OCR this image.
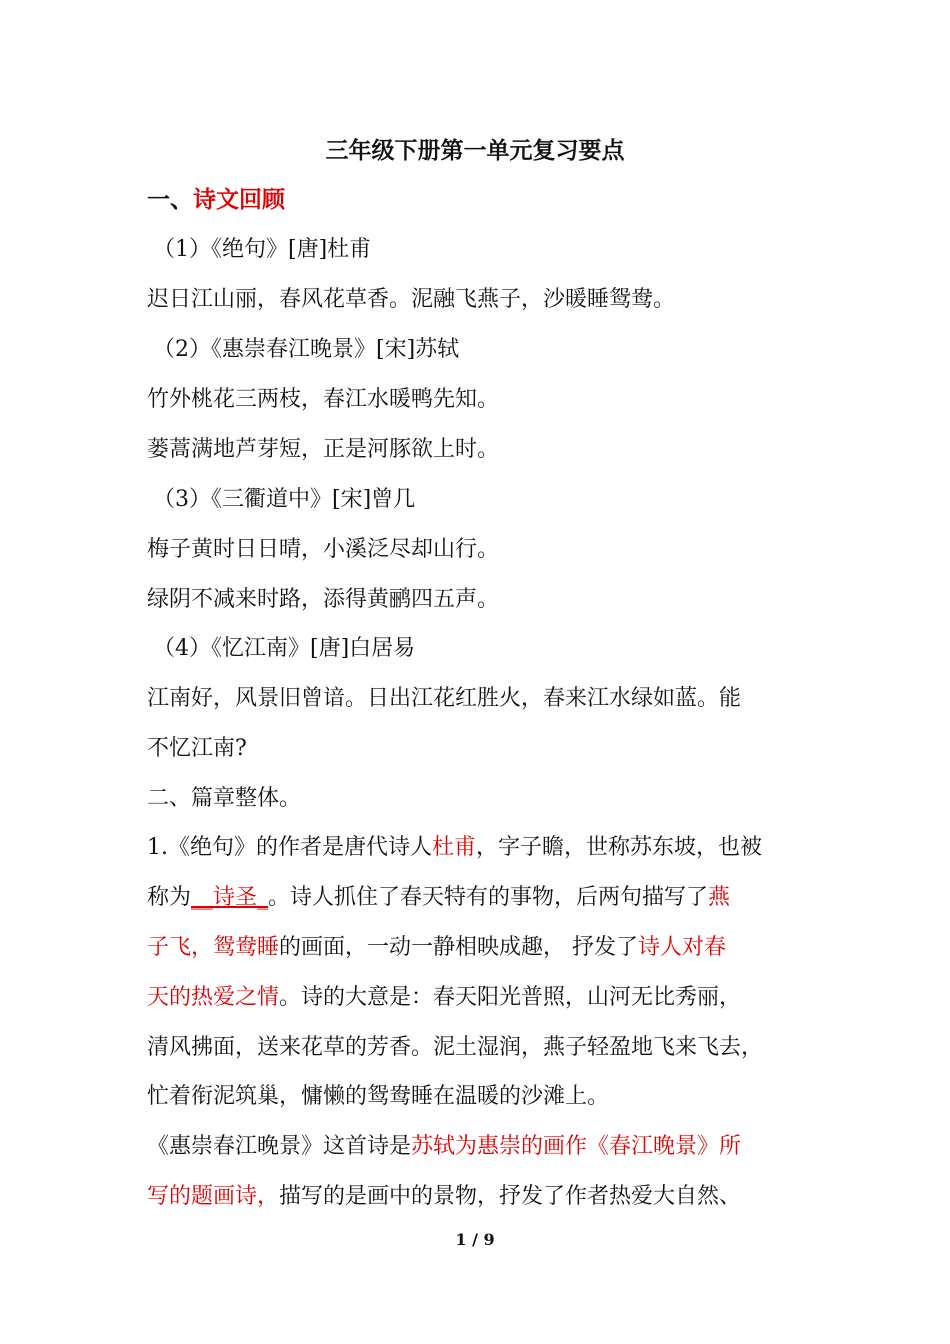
三年级下册第一单元复习要点
一、诗文回顾
（1）《绝句》[唐]杜甫
迟日江山丽，春风花草香。泥融飞燕子，沙暖睡鸳鸯。
（2）《惠崇春江晚景》[宋]苏轼
竹外桃花三两枝，春江水暖鸭先知。
蒌蒿满地芦芽短，正是河豚欲上时。
（3）《三衢道中》[宋]曾几
梅子黄时日日晴，小溪泛尽却山行。
绿阴不减来时路，添得黄鹂四五声。
（4）《忆江南》[唐]白居易
江南好，风景旧曾谙。日出江花红胜火，春来江水绿如蓝。能
不忆江南?
二、篇章整体。
1.《绝句》的作者是唐代诗人杜甫，字子瞻，世称苏东坡，也被
称为__诗圣_。诗人抓住了春天特有的事物，后两句描写了燕
子飞，鸳鸯睡的画面，一动一静相映成趣， 抒发了诗人对春
天的热爱之情。诗的大意是：春天阳光普照，山河无比秀丽，
清风拂面，送来花草的芳香。泥土湿润，燕子轻盈地飞来飞去，
忙着衔泥筑巢，慵懒的鸳鸯睡在温暖的沙滩上。
《惠崇春江晚景》这首诗是苏轼为惠崇的画作《春江晚景》所
写的题画诗，描写的是画中的景物，抒发了作者热爱大自然、
1 / 9
